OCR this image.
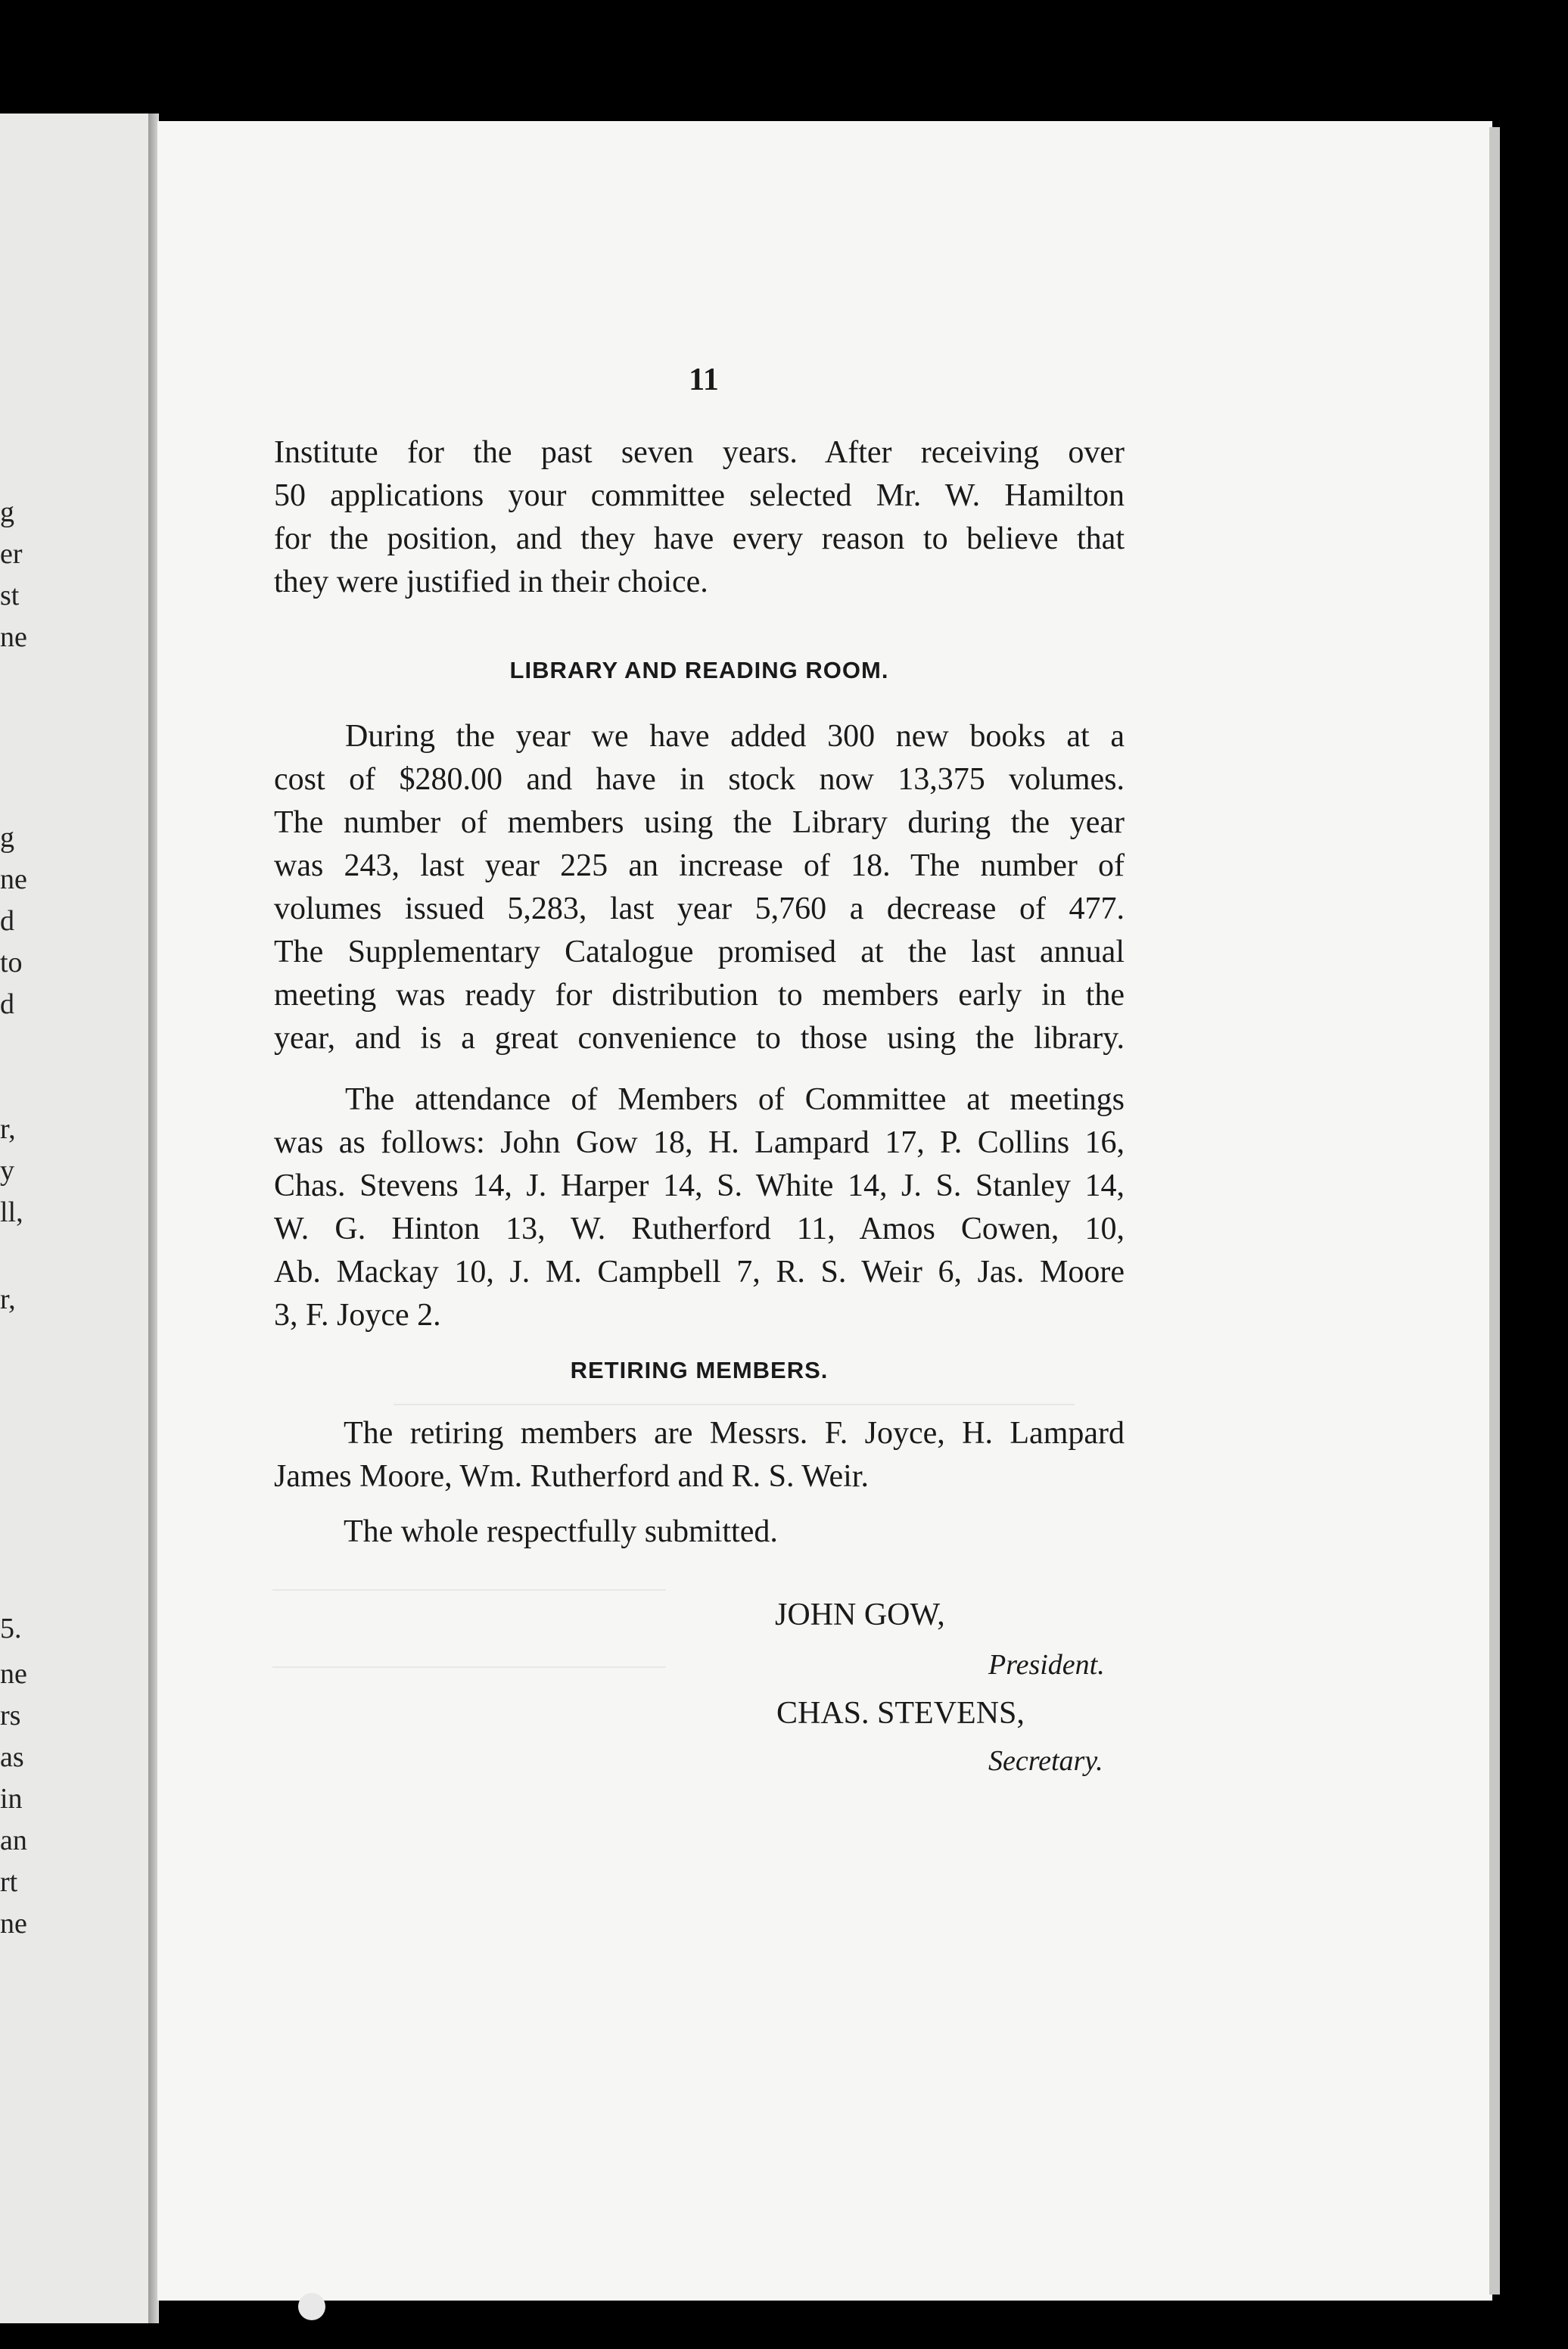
g
er
st
ne
g
ne
d
to
d
r,
y
ll,
r,
5.
ne
rs
as
in
an
rt
ne
11
Institute for the past seven years. After receiving over
50 applications your committee selected Mr. W. Hamilton
for the position, and they have every reason to believe that
they were justified in their choice.
LIBRARY AND READING ROOM.
During the year we have added 300 new books at a
cost of $280.00 and have in stock now 13,375 volumes.
The number of members using the Library during the year
was 243, last year 225 an increase of 18. The number of
volumes issued 5,283, last year 5,760 a decrease of 477.
The Supplementary Catalogue promised at the last annual
meeting was ready for distribution to members early in the
year, and is a great convenience to those using the library.
The attendance of Members of Committee at meetings
was as follows: John Gow 18, H. Lampard 17, P. Collins 16,
Chas. Stevens 14, J. Harper 14, S. White 14, J. S. Stanley 14,
W. G. Hinton 13, W. Rutherford 11, Amos Cowen, 10,
Ab. Mackay 10, J. M. Campbell 7, R. S. Weir 6, Jas. Moore
3, F. Joyce 2.
RETIRING MEMBERS.
The retiring members are Messrs. F. Joyce, H. Lampard
James Moore, Wm. Rutherford and R. S. Weir.
The whole respectfully submitted.
JOHN GOW,
President.
CHAS. STEVENS,
Secretary.
